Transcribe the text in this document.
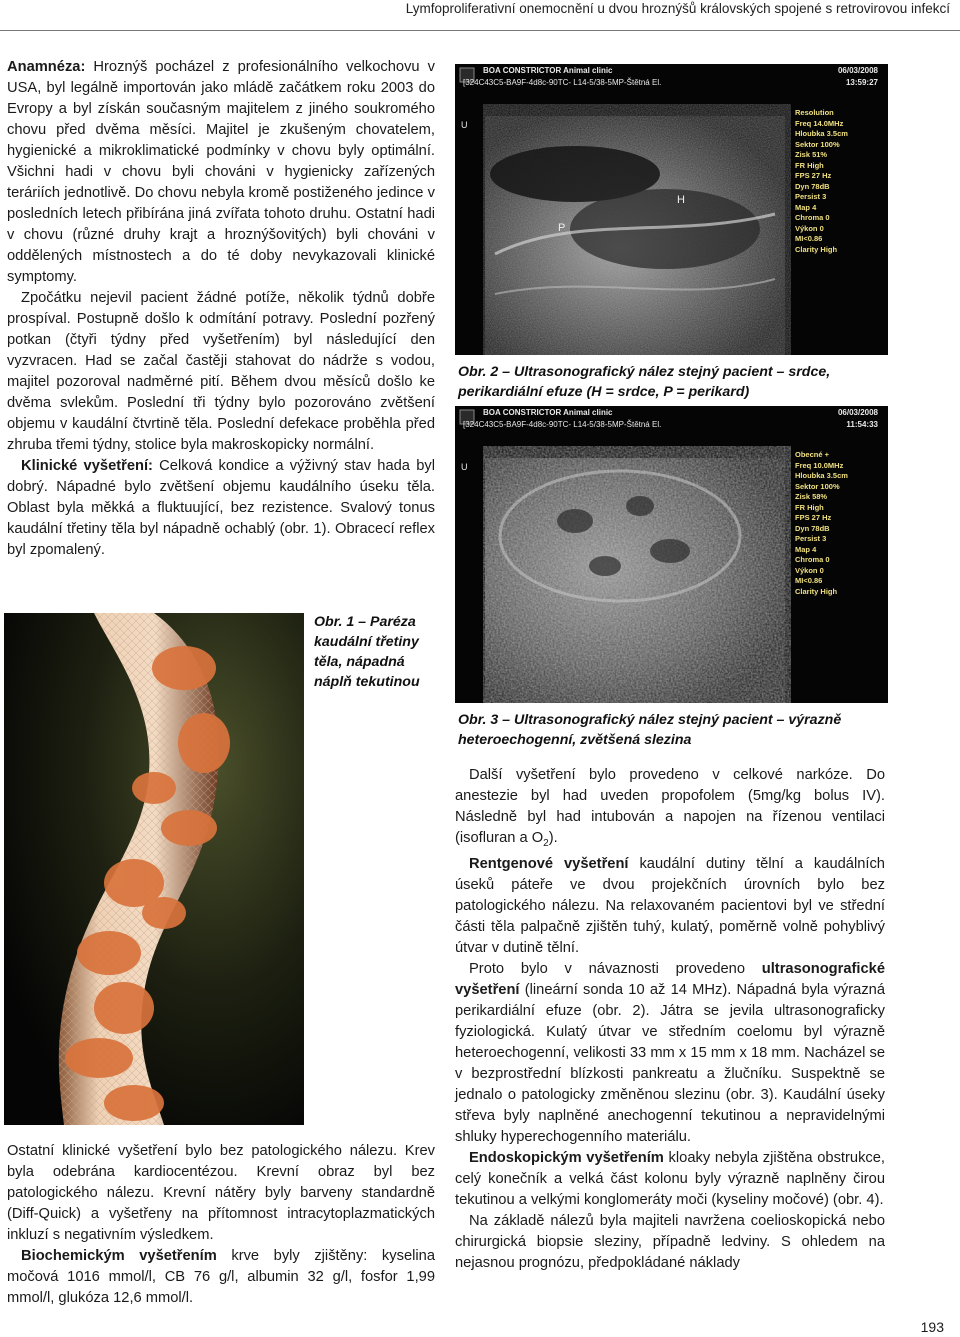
Lymfoproliferativní onemocnění u dvou hroznýšů královských spojené s retrovirovou infekcí

Anamnéza: Hroznýš pocházel z profesionálního velkochovu v USA, byl legálně importován jako mládě začátkem roku 2003 do Evropy a byl získán současným majitelem z jiného soukromého chovu před dvěma měsíci. Majitel je zkušeným chovatelem, hygienické a mikroklimatické podmínky v chovu byly optimální. Všichni hadi v chovu byli chováni v hygienicky zařízených teráriích jednotlivě. Do chovu nebyla kromě postiženého jedince v posledních letech přibírána jiná zvířata tohoto druhu. Ostatní hadi v chovu (různé druhy krajt a hroznýšovitých) byli chováni v oddělených místnostech a do té doby nevykazovali klinické symptomy.

Zpočátku nejevil pacient žádné potíže, několik týdnů dobře prospíval. Postupně došlo k odmítání potravy. Poslední pozřený potkan (čtyři týdny před vyšetřením) byl následující den vyzvracen. Had se začal častěji stahovat do nádrže s vodou, majitel pozoroval nadměrné pití. Během dvou měsíců došlo ke dvěma svlekům. Poslední tři týdny bylo pozorováno zvětšení objemu v kaudální čtvrtině těla. Poslední defekace proběhla před zhruba třemi týdny, stolice byla makroskopicky normální.

Klinické vyšetření: Celková kondice a výživný stav hada byl dobrý. Nápadné bylo zvětšení objemu kaudálního úseku těla. Oblast byla měkká a fluktuující, bez rezistence. Svalový tonus kaudální třetiny těla byl nápadně ochablý (obr. 1). Obracecí reflex byl zpomalený.

Obr. 1 – Paréza kaudální třetiny těla, nápadná náplň tekutinou

Ostatní klinické vyšetření bylo bez patologického nálezu. Krev byla odebrána kardiocentézou. Krevní obraz byl bez patologického nálezu. Krevní nátěry byly barveny standardně (Diff-Quick) a vyšetřeny na přítomnost intracytoplazmatických inkluzí s negativním výsledkem.

Biochemickým vyšetřením krve byly zjištěny: kyselina močová 1016 mmol/l, CB 76 g/l, albumin 32 g/l, fosfor 1,99 mmol/l, glukóza 12,6 mmol/l.

BOA CONSTRICTOR Animal clinic
[324C43C5-BA9F-4d8c-90TC- L14-5/38-5MP-Štětná El.
06/03/2008
13:59:27
U
H
P
Resolution
Freq 14.0MHz
Hloubka 3.5cm
Sektor 100%
Zisk 51%
FR High
FPS 27 Hz
Dyn 78dB
Persist 3
Map 4
Chroma 0
Výkon 0
MI<0.86
Clarity High
Obr. 2 – Ultrasonografický nález stejný pacient – srdce, perikardiální efuze (H = srdce, P = perikard)
BOA CONSTRICTOR Animal clinic
[324C43C5-BA9F-4d8c-90TC- L14-5/38-5MP-Štětná El.
06/03/2008
11:54:33
U
Obecné +
Freq 10.0MHz
Hloubka 3.5cm
Sektor 100%
Zisk 58%
FR High
FPS 27 Hz
Dyn 78dB
Persist 3
Map 4
Chroma 0
Výkon 0
MI<0.86
Clarity High
Obr. 3 – Ultrasonografický nález stejný pacient – výrazně heteroechogenní, zvětšená slezina

Další vyšetření bylo provedeno v celkové narkóze. Do anestezie byl had uveden propofolem (5mg/kg bolus IV). Následně byl had intubován a napojen na řízenou ventilaci (isofluran a $O_2$).

Rentgenové vyšetření kaudální dutiny tělní a kaudálních úseků páteře ve dvou projekčních úrovních bylo bez patologického nálezu. Na relaxovaném pacientovi byl ve střední části těla palpačně zjištěn tuhý, kulatý, poměrně volně pohyblivý útvar v dutině tělní.

Proto bylo v návaznosti provedeno ultrasonografické vyšetření (lineární sonda 10 až 14 MHz). Nápadná byla výrazná perikardiální efuze (obr. 2). Játra se jevila ultrasonograficky fyziologická. Kulatý útvar ve středním coelomu byl výrazně heteroechogenní, velikosti 33 mm x 15 mm x 18 mm. Nacházel se v bezprostřední blízkosti pankreatu a žlučníku. Suspektně se jednalo o patologicky změněnou slezinu (obr. 3). Kaudální úseky střeva byly naplněné anechogenní tekutinou a nepravidelnými shluky hyperechogenního materiálu.

Endoskopickým vyšetřením kloaky nebyla zjištěna obstrukce, celý konečník a velká část kolonu byly výrazně naplněny čirou tekutinou a velkými konglomeráty moči (kyseliny močové) (obr. 4).

Na základě nálezů byla majiteli navržena coelioskopická nebo chirurgická biopsie sleziny, případně ledviny. S ohledem na nejasnou prognózu, předpokládané náklady

193
